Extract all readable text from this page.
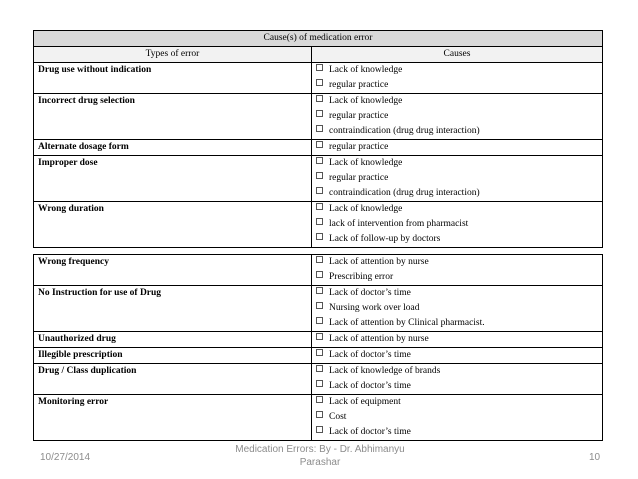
Cause(s) of medication error	
Types of error	Causes
Drug use without indication	Lack of knowledge
regular practice

Incorrect drug selection	Lack of knowledge
regular practice
contraindication (drug drug interaction)

Alternate dosage form	regular practice

Improper dose	Lack of knowledge
regular practice
contraindication (drug drug interaction)

Wrong duration	Lack of knowledge
lack of intervention from pharmacist
Lack of follow-up by doctors
Wrong frequency	Lack of attention by nurse
Prescribing error

No Instruction for use of Drug	Lack of doctor’s time
Nursing work over load
Lack of attention by Clinical pharmacist.

Unauthorized drug	Lack of attention by nurse

Illegible prescription	Lack of doctor’s time

Drug / Class duplication	Lack of knowledge of brands
Lack of doctor’s time

Monitoring error	Lack of equipment
Cost
Lack of doctor’s time
10/27/2014
Medication Errors: By - Dr. Abhimanyu
Parashar	10
